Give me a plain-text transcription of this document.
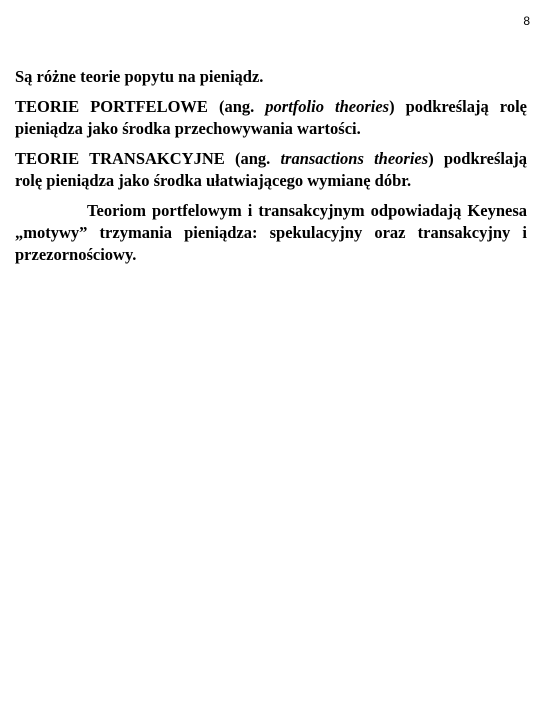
8

Są różne teorie popytu na pieniądz.

TEORIE PORTFELOWE (ang. portfolio theories) podkreślają rolę pieniądza jako środka przechowywania wartości.

TEORIE TRANSAKCYJNE (ang. transactions theories) podkreślają rolę pieniądza jako środka ułatwiającego wymianę dóbr.

Teoriom portfelowym i transakcyjnym odpowiadają Keynesa „motywy” trzymania pieniądza: spekulacyjny oraz transakcyjny i przezornościowy.
